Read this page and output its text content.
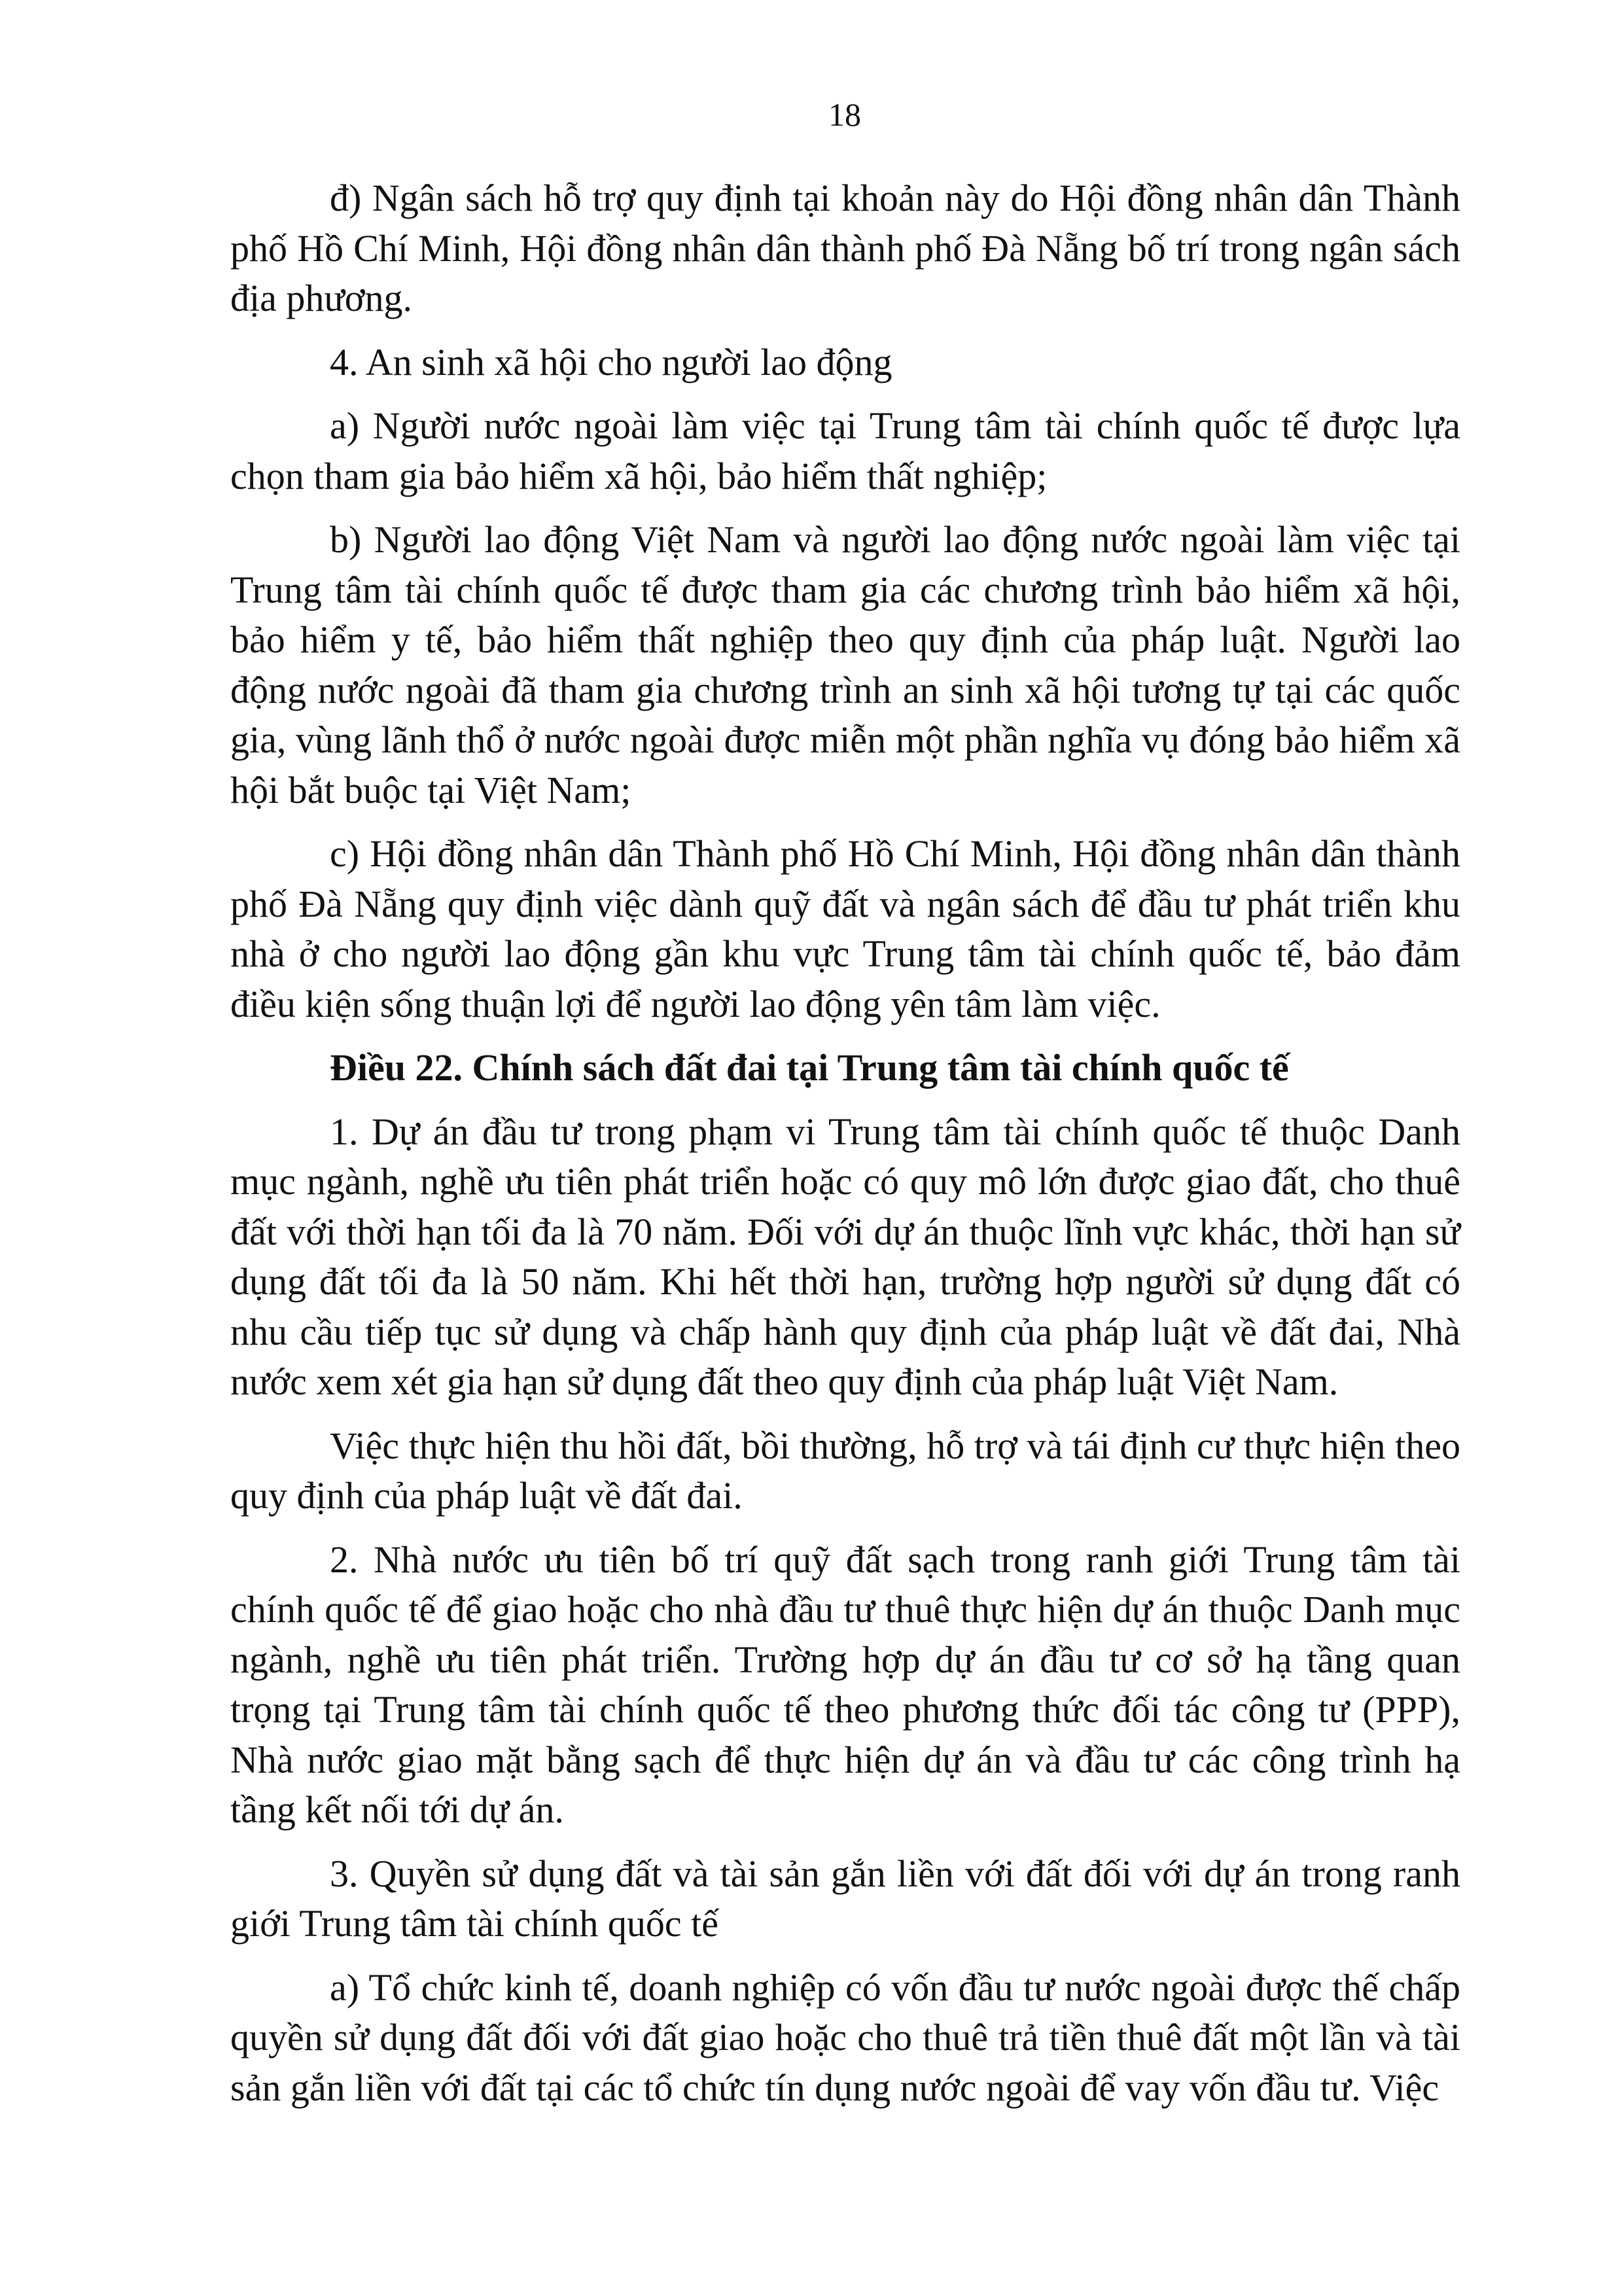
18

đ) Ngân sách hỗ trợ quy định tại khoản này do Hội đồng nhân dân Thành phố Hồ Chí Minh, Hội đồng nhân dân thành phố Đà Nẵng bố trí trong ngân sách địa phương.

4. An sinh xã hội cho người lao động

a) Người nước ngoài làm việc tại Trung tâm tài chính quốc tế được lựa chọn tham gia bảo hiểm xã hội, bảo hiểm thất nghiệp;

b) Người lao động Việt Nam và người lao động nước ngoài làm việc tại Trung tâm tài chính quốc tế được tham gia các chương trình bảo hiểm xã hội, bảo hiểm y tế, bảo hiểm thất nghiệp theo quy định của pháp luật. Người lao động nước ngoài đã tham gia chương trình an sinh xã hội tương tự tại các quốc gia, vùng lãnh thổ ở nước ngoài được miễn một phần nghĩa vụ đóng bảo hiểm xã hội bắt buộc tại Việt Nam;

c) Hội đồng nhân dân Thành phố Hồ Chí Minh, Hội đồng nhân dân thành phố Đà Nẵng quy định việc dành quỹ đất và ngân sách để đầu tư phát triển khu nhà ở cho người lao động gần khu vực Trung tâm tài chính quốc tế, bảo đảm điều kiện sống thuận lợi để người lao động yên tâm làm việc.

Điều 22. Chính sách đất đai tại Trung tâm tài chính quốc tế

1. Dự án đầu tư trong phạm vi Trung tâm tài chính quốc tế thuộc Danh mục ngành, nghề ưu tiên phát triển hoặc có quy mô lớn được giao đất, cho thuê đất với thời hạn tối đa là 70 năm. Đối với dự án thuộc lĩnh vực khác, thời hạn sử dụng đất tối đa là 50 năm. Khi hết thời hạn, trường hợp người sử dụng đất có nhu cầu tiếp tục sử dụng và chấp hành quy định của pháp luật về đất đai, Nhà nước xem xét gia hạn sử dụng đất theo quy định của pháp luật Việt Nam.

Việc thực hiện thu hồi đất, bồi thường, hỗ trợ và tái định cư thực hiện theo quy định của pháp luật về đất đai.

2. Nhà nước ưu tiên bố trí quỹ đất sạch trong ranh giới Trung tâm tài chính quốc tế để giao hoặc cho nhà đầu tư thuê thực hiện dự án thuộc Danh mục ngành, nghề ưu tiên phát triển. Trường hợp dự án đầu tư cơ sở hạ tầng quan trọng tại Trung tâm tài chính quốc tế theo phương thức đối tác công tư (PPP), Nhà nước giao mặt bằng sạch để thực hiện dự án và đầu tư các công trình hạ tầng kết nối tới dự án.

3. Quyền sử dụng đất và tài sản gắn liền với đất đối với dự án trong ranh giới Trung tâm tài chính quốc tế

a) Tổ chức kinh tế, doanh nghiệp có vốn đầu tư nước ngoài được thế chấp quyền sử dụng đất đối với đất giao hoặc cho thuê trả tiền thuê đất một lần và tài sản gắn liền với đất tại các tổ chức tín dụng nước ngoài để vay vốn đầu tư. Việc
